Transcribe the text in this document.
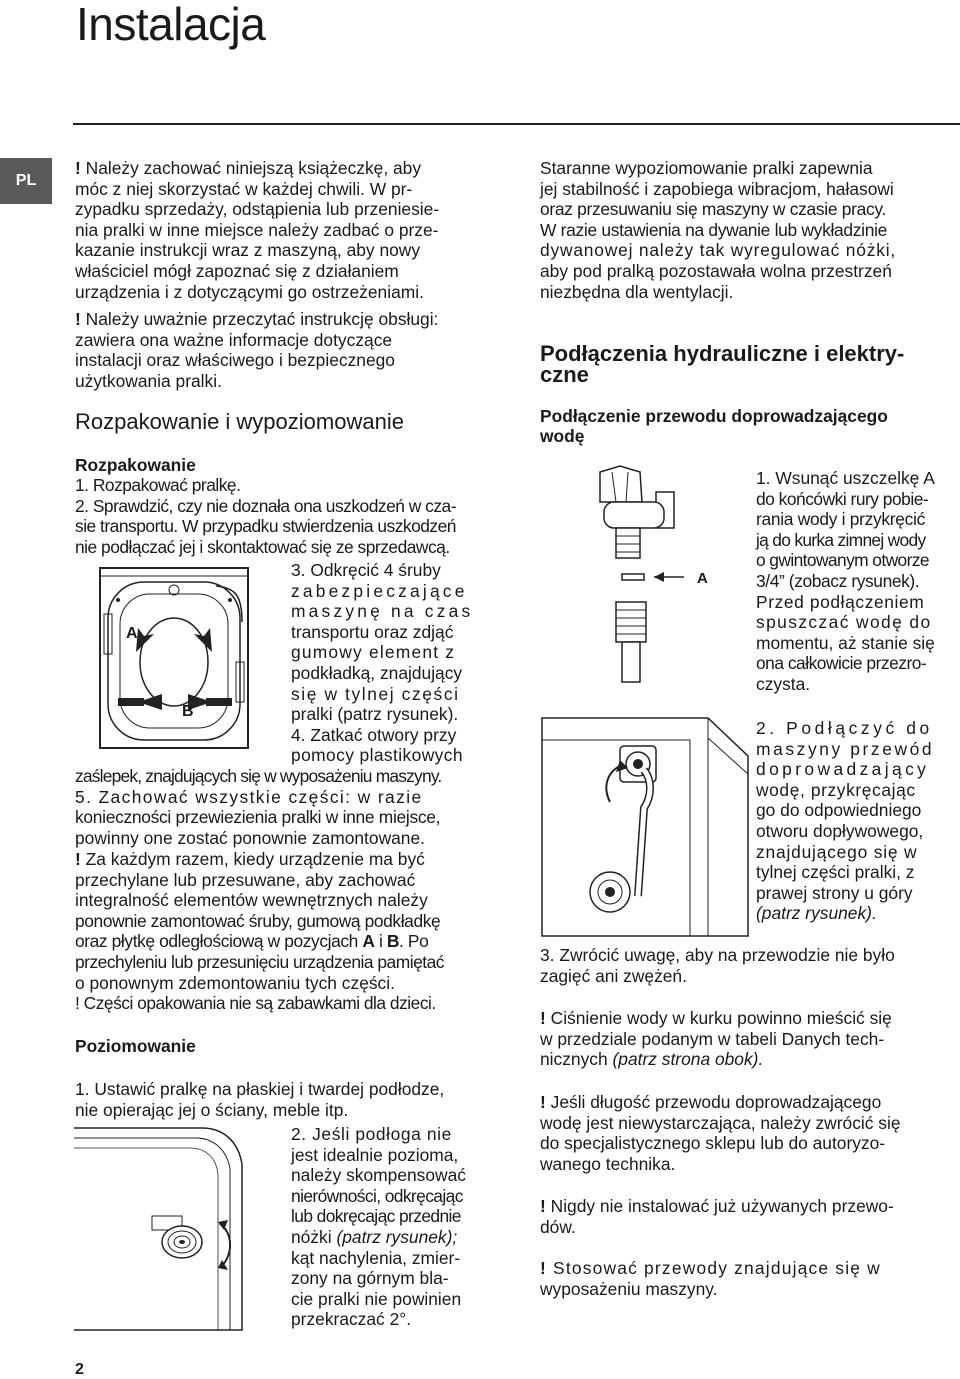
Instalacja
PL

! Należy zachować niniejszą książeczkę, aby

móc z niej skorzystać w każdej chwili. W pr-

zypadku sprzedaży, odstąpienia lub przeniesie-

nia pralki w inne miejsce należy zadbać o prze-

kazanie instrukcji wraz z maszyną, aby nowy

właściciel mógł zapoznać się z działaniem

urządzenia i z dotyczącymi go ostrzeżeniami.

! Należy uważnie przeczytać instrukcję obsługi:

zawiera ona ważne informacje dotyczące

instalacji oraz właściwego i bezpiecznego

użytkowania pralki.

Rozpakowanie i wypoziomowanie
Rozpakowanie

1. Rozpakować pralkę.

2. Sprawdzić, czy nie doznała ona uszkodzeń w cza-

sie transportu. W przypadku stwierdzenia uszkodzeń

nie podłączać jej i skontaktować się ze sprzedawcą.

A
B

3. Odkręcić 4 śruby

zabezpieczające

maszynę na czas

transportu oraz zdjąć

gumowy element z

podkładką, znajdujący

się w tylnej części

pralki (patrz rysunek).

4. Zatkać otwory przy

pomocy plastikowych

zaślepek, znajdujących się w wyposażeniu maszyny.

5. Zachować wszystkie części: w razie

konieczności przewiezienia pralki w inne miejsce,

powinny one zostać ponownie zamontowane.

! Za każdym razem, kiedy urządzenie ma być

przechylane lub przesuwane, aby zachować

integralność elementów wewnętrznych należy

ponownie zamontować śruby, gumową podkładkę

oraz płytkę odległościową w pozycjach A i B. Po

przechyleniu lub przesunięciu urządzenia pamiętać

o ponownym zdemontowaniu tych części.

! Części opakowania nie są zabawkami dla dzieci.
Poziomowanie

1. Ustawić pralkę na płaskiej i twardej podłodze,

nie opierając jej o ściany, meble itp.

2. Jeśli podłoga nie

jest idealnie pozioma,

należy skompensować

nierówności, odkręcając

lub dokręcając przednie

nóżki (patrz rysunek);

kąt nachylenia, zmier-

zony na górnym bla-

cie pralki nie powinien

przekraczać 2°.

Staranne wypoziomowanie pralki zapewnia

jej stabilność i zapobiega wibracjom, hałasowi

oraz przesuwaniu się maszyny w czasie pracy.

W razie ustawienia na dywanie lub wykładzinie

dywanowej należy tak wyregulować nóżki,

aby pod pralką pozostawała wolna przestrzeń

niezbędna dla wentylacji.

Podłączenia hydrauliczne i elektry-

czne

Podłączenie przewodu doprowadzającego

wodę

A

1. Wsunąć uszczelkę A

do końcówki rury pobie-

rania wody i przykręcić

ją do kurka zimnej wody

o gwintowanym otworze

3/4” (zobacz rysunek).

Przed podłączeniem

spuszczać wodę do

momentu, aż stanie się

ona całkowicie przezro-

czysta.

2. Podłączyć do

maszyny przewód

doprowadzający

wodę, przykręcając

go do odpowiedniego

otworu dopływowego,

znajdującego się w

tylnej części pralki, z

prawej strony u góry

(patrz rysunek).

3. Zwrócić uwagę, aby na przewodzie nie było

zagięć ani zwężeń.

! Ciśnienie wody w kurku powinno mieścić się

w przedziale podanym w tabeli Danych tech-

nicznych (patrz strona obok).

! Jeśli długość przewodu doprowadzającego

wodę jest niewystarczająca, należy zwrócić się

do specjalistycznego sklepu lub do autoryzo-

wanego technika.

! Nigdy nie instalować już używanych przewo-

dów.

! Stosować przewody znajdujące się w

wyposażeniu maszyny.

2
